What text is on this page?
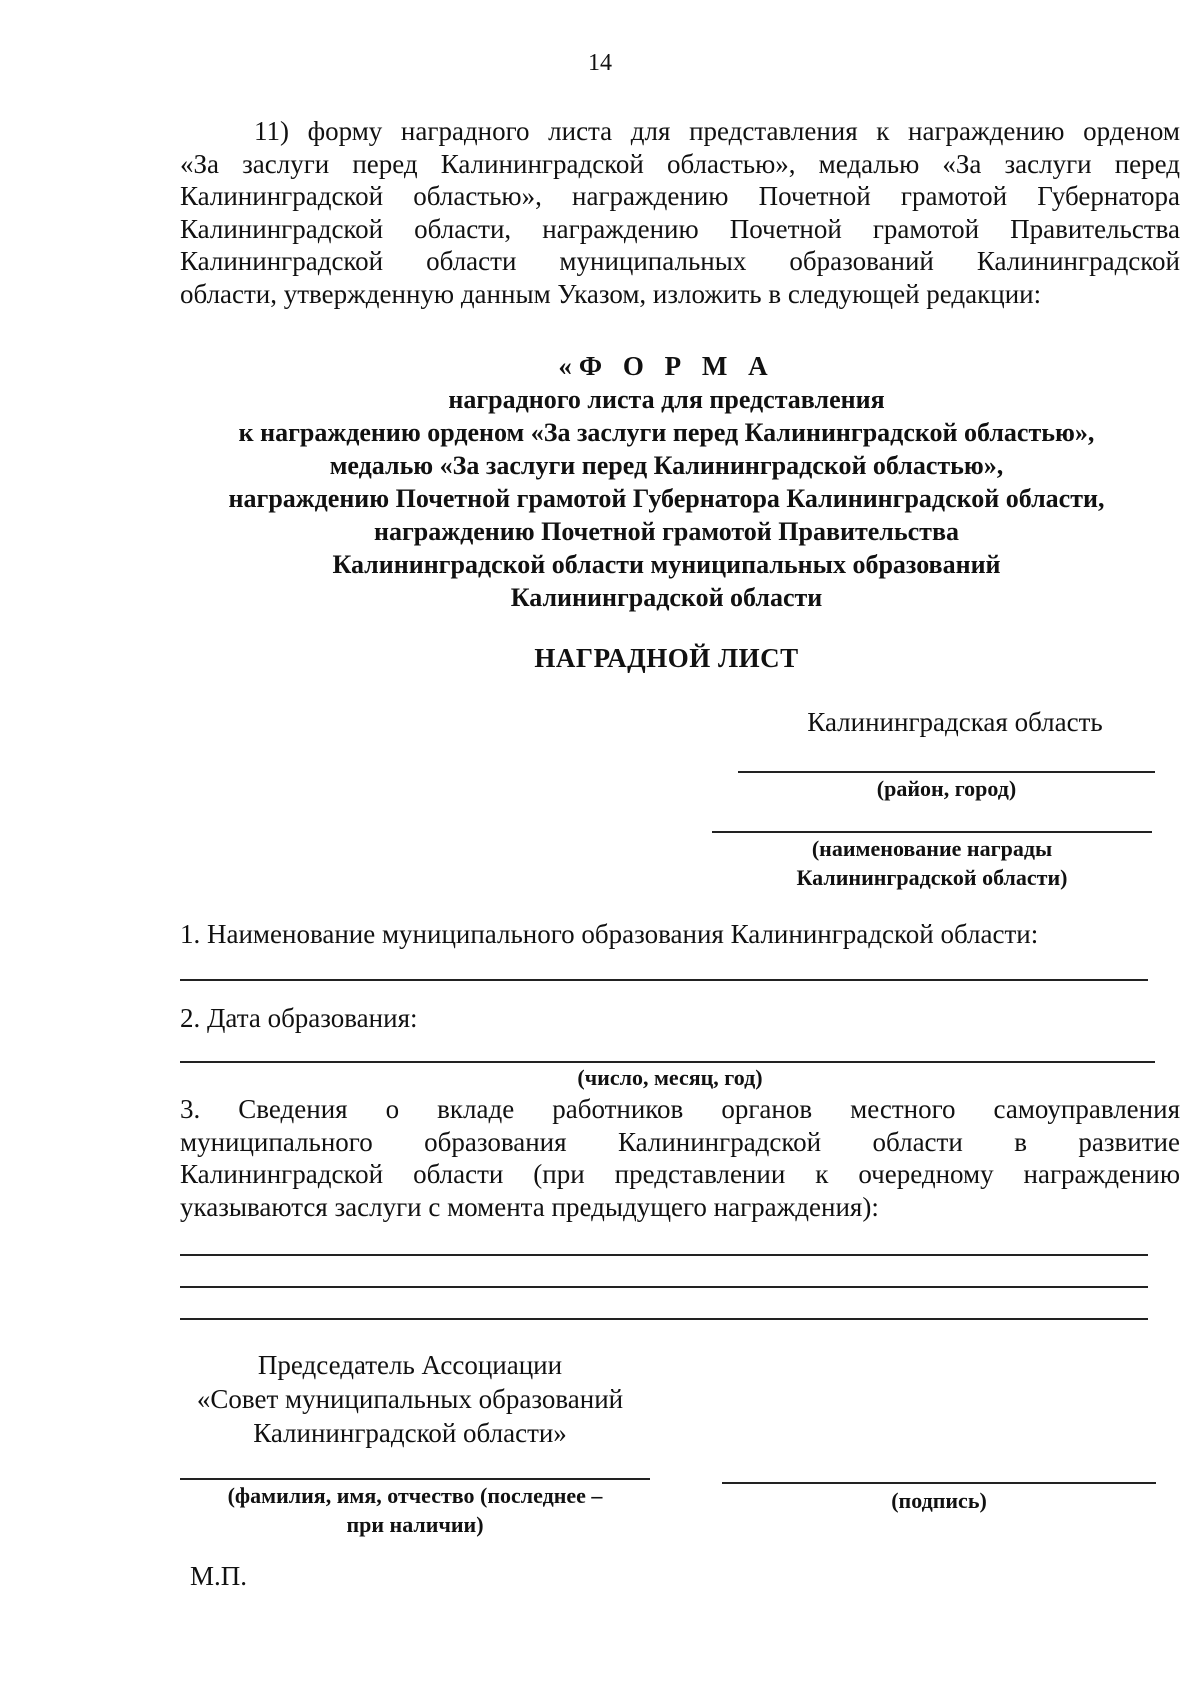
14
11) форму наградного листа для представления к награждению орденом
«За заслуги перед Калининградской областью», медалью «За заслуги перед
Калининградской областью», награждению Почетной грамотой Губернатора
Калининградской области, награждению Почетной грамотой Правительства
Калининградской области муниципальных образований Калининградской
области, утвержденную данным Указом, изложить в следующей редакции:
«Ф О Р М А
наградного листа для представления
к награждению орденом «За заслуги перед Калининградской областью»,
медалью «За заслуги перед Калининградской областью»,
награждению Почетной грамотой Губернатора Калининградской области,
награждению Почетной грамотой Правительства
Калининградской области муниципальных образований
Калининградской области
НАГРАДНОЙ ЛИСТ
Калининградская область
(район, город)
(наименование награды
Калининградской области)
1. Наименование муниципального образования Калининградской области:
2. Дата образования:
(число, месяц, год)
3. Сведения о вкладе работников органов местного самоуправления
муниципального образования Калининградской области в развитие
Калининградской области (при представлении к очередному награждению
указываются заслуги с момента предыдущего награждения):
Председатель Ассоциации
«Совет муниципальных образований
Калининградской области»
(фамилия, имя, отчество (последнее –
при наличии)
(подпись)
М.П.
